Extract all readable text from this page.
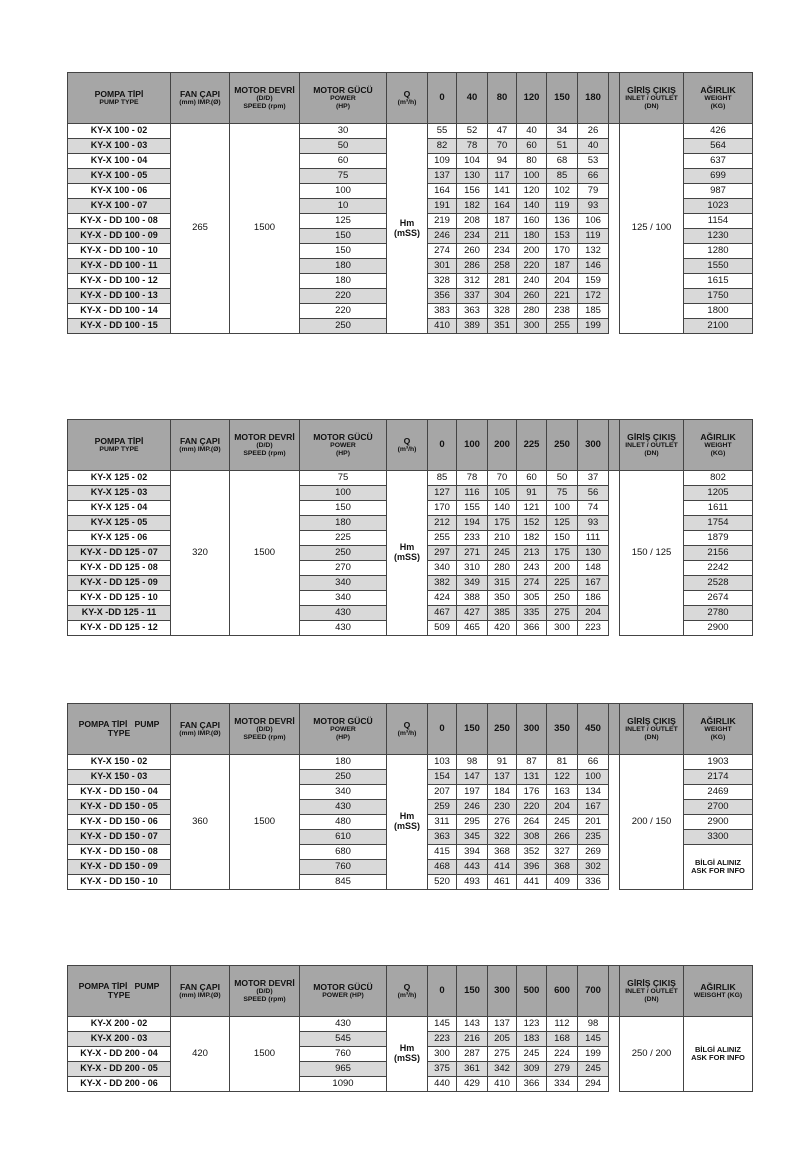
POMPA TİPİ
PUMP TYPE	FAN ÇAPI
(mm) IMP.(Ø)	MOTOR DEVRİ
(D/D)
SPEED (rpm)	MOTOR GÜCÜ
POWER
(HP)	Q
(m³/h)	0	40	80	120	150	180		GİRİŞ ÇIKIŞ
INLET / OUTLET
(DN)	AĞIRLIK
WEIGHT
(KG)

KY-X 100 - 02	265	1500	30	Hm
(mSS)	55	52	47	40	34	26		125 / 100	426
KY-X 100 - 03			50		82	78	70	60	51	40			564
KY-X 100 - 04			60		109	104	94	80	68	53			637
KY-X 100 - 05			75		137	130	117	100	85	66			699
KY-X 100 - 06			100		164	156	141	120	102	79			987
KY-X 100 - 07			10		191	182	164	140	119	93			1023
KY-X - DD 100 - 08			125		219	208	187	160	136	106			1154
KY-X - DD 100 - 09			150		246	234	211	180	153	119			1230
KY-X - DD 100 - 10			150		274	260	234	200	170	132			1280
KY-X - DD 100 - 11			180		301	286	258	220	187	146			1550
KY-X - DD 100 - 12			180		328	312	281	240	204	159			1615
KY-X - DD 100 - 13			220		356	337	304	260	221	172			1750
KY-X - DD 100 - 14			220		383	363	328	280	238	185			1800
KY-X - DD 100 - 15			250		410	389	351	300	255	199			2100
POMPA TİPİ
PUMP TYPE	FAN ÇAPI
(mm) IMP.(Ø)	MOTOR DEVRİ
(D/D)
SPEED (rpm)	MOTOR GÜCÜ
POWER
(HP)	Q
(m³/h)	0	100	200	225	250	300		GİRİŞ ÇIKIŞ
INLET / OUTLET
(DN)	AĞIRLIK
WEIGHT
(KG)

KY-X 125 - 02	320	1500	75	Hm
(mSS)	85	78	70	60	50	37		150 / 125	802
KY-X 125 - 03			100		127	116	105	91	75	56			1205
KY-X 125 - 04			150		170	155	140	121	100	74			1611
KY-X 125 - 05			180		212	194	175	152	125	93			1754
KY-X 125 - 06			225		255	233	210	182	150	111			1879
KY-X - DD 125 - 07			250		297	271	245	213	175	130			2156
KY-X - DD 125 - 08			270		340	310	280	243	200	148			2242
KY-X - DD 125 - 09			340		382	349	315	274	225	167			2528
KY-X - DD 125 - 10			340		424	388	350	305	250	186			2674
KY-X -DD 125 - 11			430		467	427	385	335	275	204			2780
KY-X - DD 125 - 12			430		509	465	420	366	300	223			2900
POMPA TİPİ PUMP TYPE	FAN ÇAPI
(mm) IMP.(Ø)	MOTOR DEVRİ
(D/D)
SPEED (rpm)	MOTOR GÜCÜ
POWER
(HP)	Q
(m³/h)	0	150	250	300	350	450		GİRİŞ ÇIKIŞ
INLET / OUTLET
(DN)	AĞIRLIK
WEIGHT
(KG)

KY-X 150 - 02	360	1500	180	Hm
(mSS)	103	98	91	87	81	66		200 / 150	1903
KY-X 150 - 03			250		154	147	137	131	122	100			2174
KY-X - DD 150 - 04			340		207	197	184	176	163	134			2469
KY-X - DD 150 - 05			430		259	246	230	220	204	167			2700
KY-X - DD 150 - 06			480		311	295	276	264	245	201			2900
KY-X - DD 150 - 07			610		363	345	322	308	266	235			3300
KY-X - DD 150 - 08			680		415	394	368	352	327	269			BİLGİ ALINIZ
ASK FOR INFO
KY-X - DD 150 - 09			760		468	443	414	396	368	302			
KY-X - DD 150 - 10			845		520	493	461	441	409	336			
POMPA TİPİ PUMP TYPE	FAN ÇAPI
(mm) IMP.(Ø)	MOTOR DEVRİ
(D/D)
SPEED (rpm)	MOTOR GÜCÜ
POWER (HP)	Q
(m³/h)	0	150	300	500	600	700		GİRİŞ ÇIKIŞ
INLET / OUTLET
(DN)	AĞIRLIK
WEISGHT (KG)

KY-X 200 - 02	420	1500	430	Hm
(mSS)	145	143	137	123	112	98		250 / 200	BİLGİ ALINIZ
ASK FOR INFO
KY-X 200 - 03			545		223	216	205	183	168	145			
KY-X - DD 200 - 04			760		300	287	275	245	224	199			
KY-X - DD 200 - 05			965		375	361	342	309	279	245			
KY-X - DD 200 - 06			1090		440	429	410	366	334	294			
